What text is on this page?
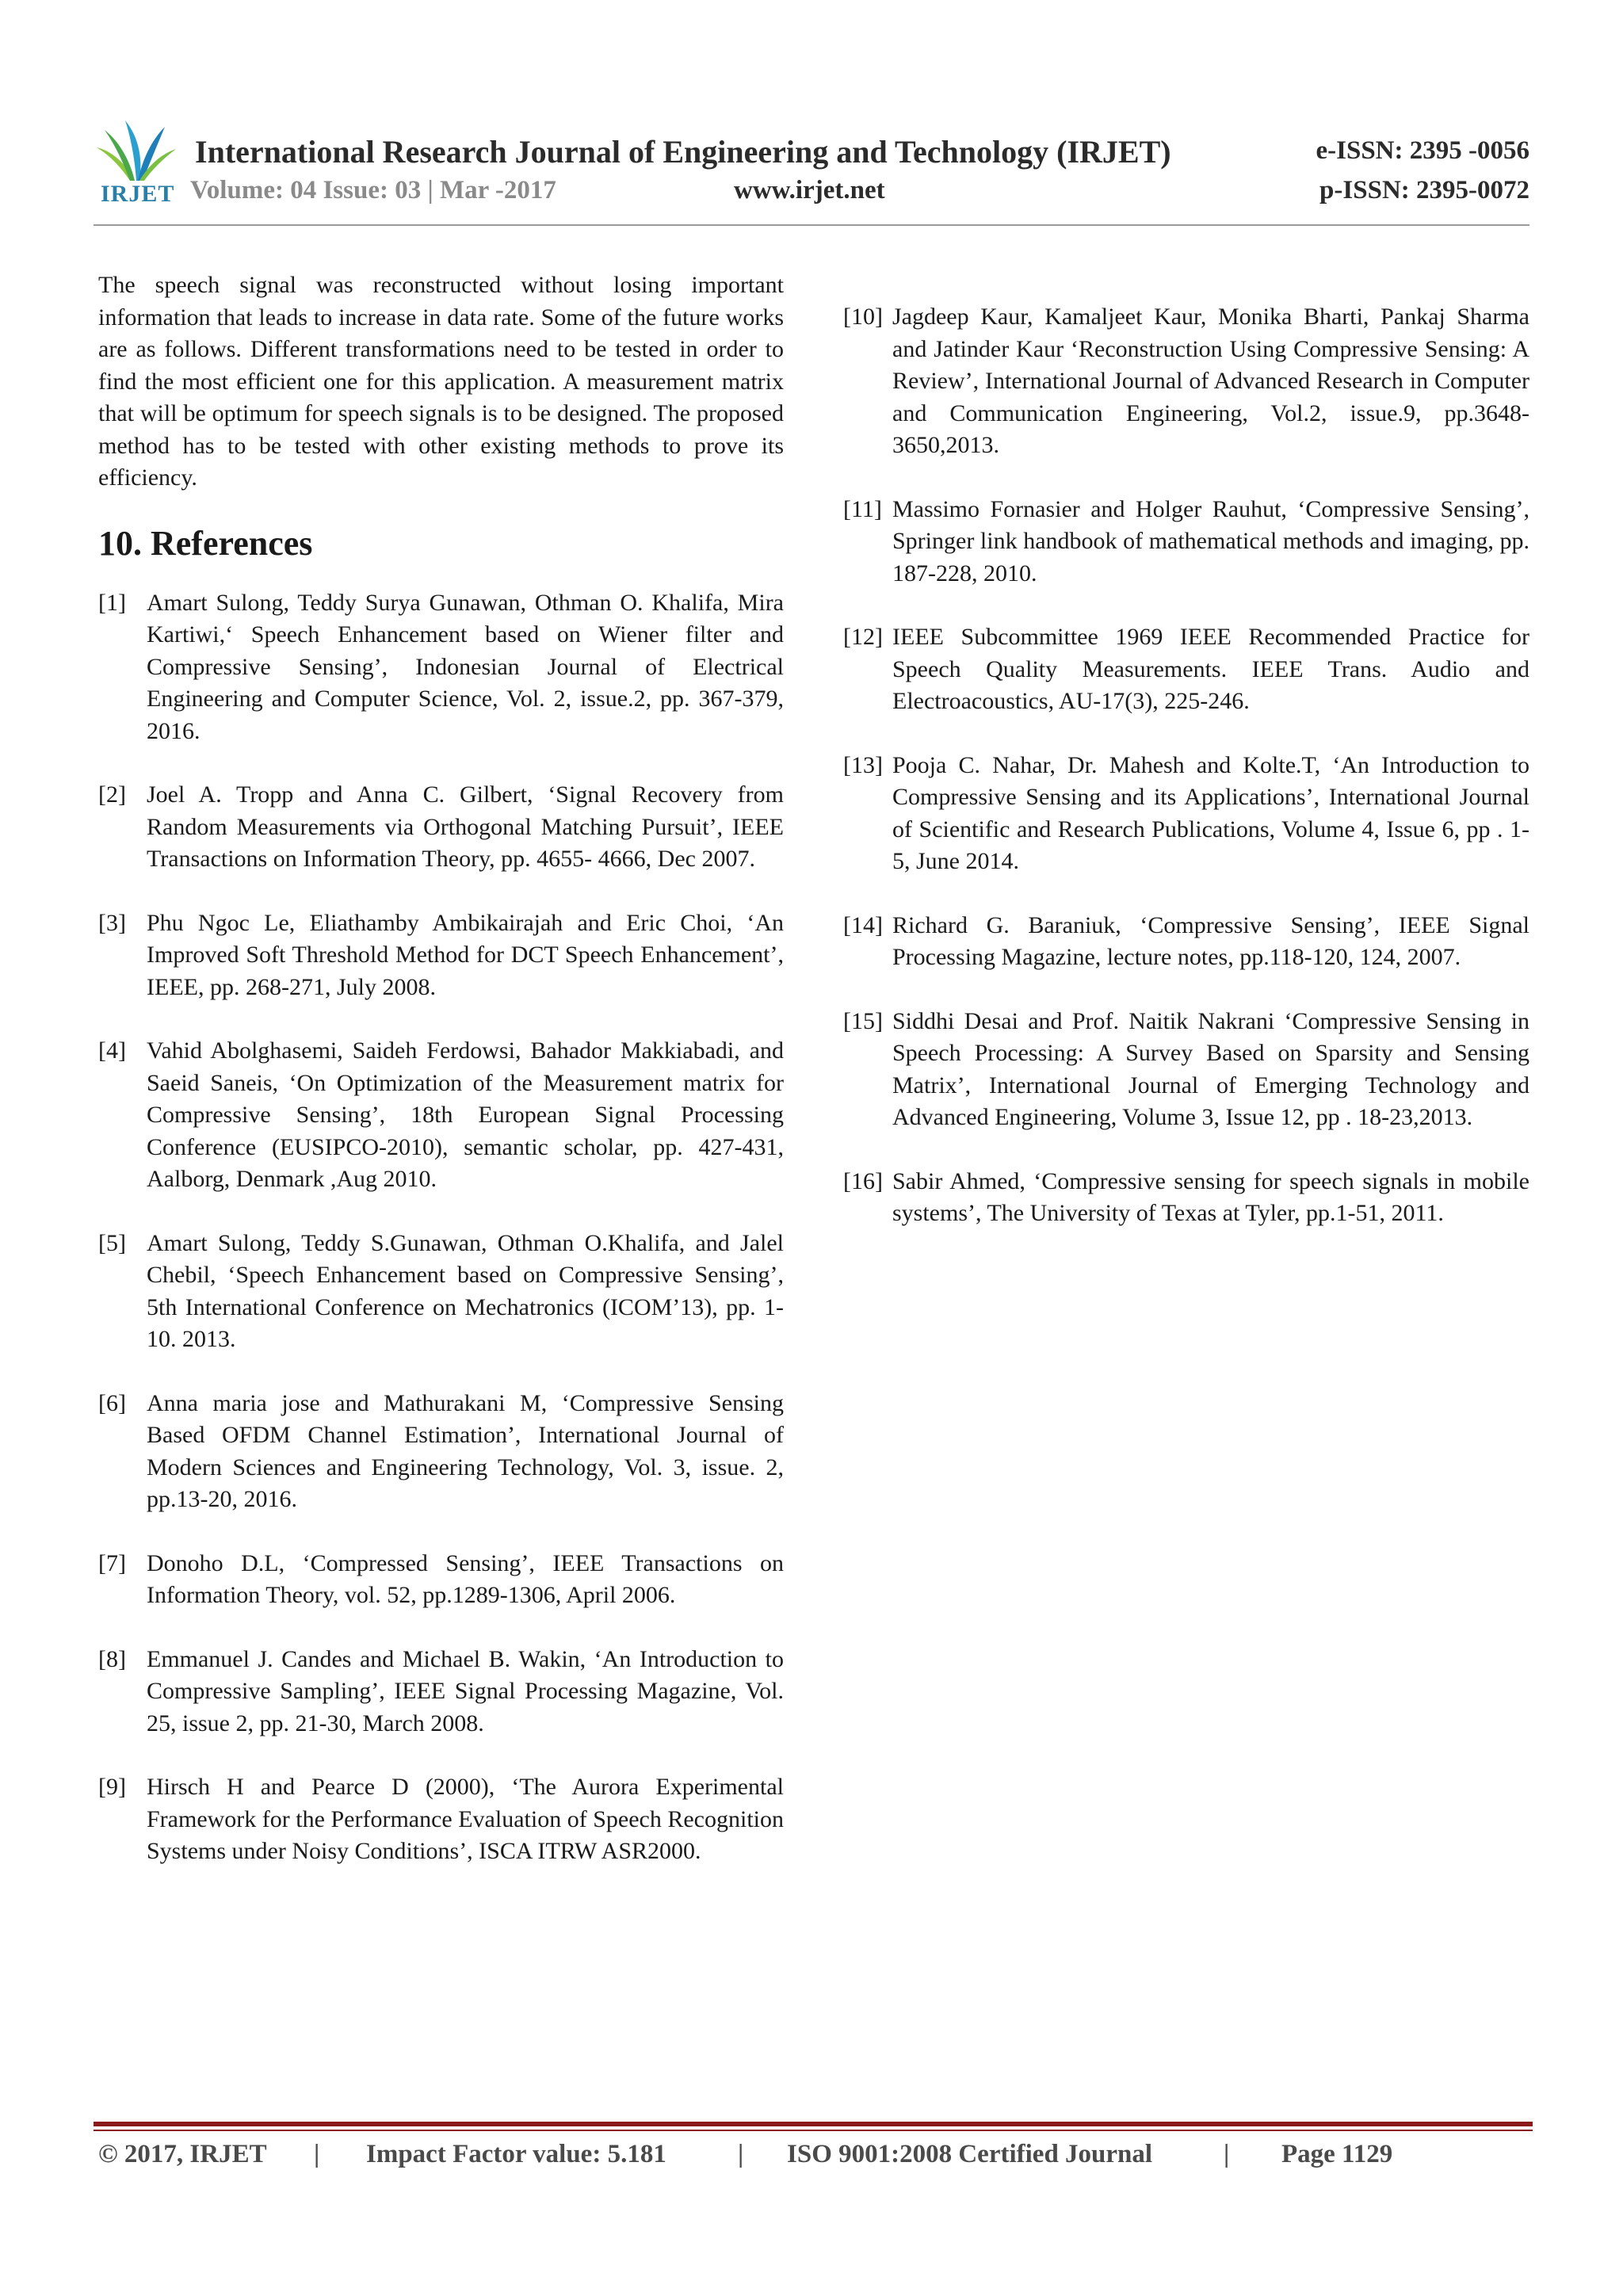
IRJET
International Research Journal of Engineering and Technology (IRJET)	e-ISSN: 2395 -0056
Volume: 04 Issue: 03 | Mar -2017	www.irjet.net	p-ISSN: 2395-0072

The speech signal was reconstructed without losing important information that leads to increase in data rate. Some of the future works are as follows. Different transformations need to be tested in order to find the most efficient one for this application. A measurement matrix that will be optimum for speech signals is to be designed. The proposed method has to be tested with other existing methods to prove its efficiency.

10. References
[1] Amart Sulong, Teddy Surya Gunawan, Othman O. Khalifa, Mira Kartiwi,‘ Speech Enhancement based on Wiener filter and Compressive Sensing’, Indonesian Journal of Electrical Engineering and Computer Science, Vol. 2, issue.2, pp. 367-379, 2016.
[2] Joel A. Tropp and Anna C. Gilbert, ‘Signal Recovery from Random Measurements via Orthogonal Matching Pursuit’, IEEE Transactions on Information Theory, pp. 4655- 4666, Dec 2007.
[3] Phu Ngoc Le, Eliathamby Ambikairajah and Eric Choi, ‘An Improved Soft Threshold Method for DCT Speech Enhancement’, IEEE, pp. 268-271, July 2008.
[4] Vahid Abolghasemi, Saideh Ferdowsi, Bahador Makkiabadi, and Saeid Saneis, ‘On Optimization of the Measurement matrix for Compressive Sensing’, 18th European Signal Processing Conference (EUSIPCO-2010), semantic scholar, pp. 427-431, Aalborg, Denmark ,Aug 2010.
[5] Amart Sulong, Teddy S.Gunawan, Othman O.Khalifa, and Jalel Chebil, ‘Speech Enhancement based on Compressive Sensing’, 5th International Conference on Mechatronics (ICOM’13), pp. 1-10. 2013.
[6] Anna maria jose and Mathurakani M, ‘Compressive Sensing Based OFDM Channel Estimation’, International Journal of Modern Sciences and Engineering Technology, Vol. 3, issue. 2, pp.13-20, 2016.
[7] Donoho D.L, ‘Compressed Sensing’, IEEE Transactions on Information Theory, vol. 52, pp.1289-1306, April 2006.
[8] Emmanuel J. Candes and Michael B. Wakin, ‘An Introduction to Compressive Sampling’, IEEE Signal Processing Magazine, Vol. 25, issue 2, pp. 21-30, March 2008.
[9] Hirsch H and Pearce D (2000), ‘The Aurora Experimental Framework for the Performance Evaluation of Speech Recognition Systems under Noisy Conditions’, ISCA ITRW ASR2000.
[10] Jagdeep Kaur, Kamaljeet Kaur, Monika Bharti, Pankaj Sharma and Jatinder Kaur ‘Reconstruction Using Compressive Sensing: A Review’, International Journal of Advanced Research in Computer and Communication Engineering, Vol.2, issue.9, pp.3648-3650,2013.
[11] Massimo Fornasier and Holger Rauhut, ‘Compressive Sensing’, Springer link handbook of mathematical methods and imaging, pp. 187-228, 2010.
[12] IEEE Subcommittee 1969 IEEE Recommended Practice for Speech Quality Measurements. IEEE Trans. Audio and Electroacoustics, AU-17(3), 225-246.
[13] Pooja C. Nahar, Dr. Mahesh and Kolte.T, ‘An Introduction to Compressive Sensing and its Applications’, International Journal of Scientific and Research Publications, Volume 4, Issue 6, pp . 1-5, June 2014.
[14] Richard G. Baraniuk, ‘Compressive Sensing’, IEEE Signal Processing Magazine, lecture notes, pp.118-120, 124, 2007.
[15] Siddhi Desai and Prof. Naitik Nakrani ‘Compressive Sensing in Speech Processing: A Survey Based on Sparsity and Sensing Matrix’, International Journal of Emerging Technology and Advanced Engineering, Volume 3, Issue 12, pp . 18-23,2013.
[16] Sabir Ahmed, ‘Compressive sensing for speech signals in mobile systems’, The University of Texas at Tyler, pp.1-51, 2011.
© 2017, IRJET | Impact Factor value: 5.181	| ISO 9001:2008 Certified Journal	| Page 1129
